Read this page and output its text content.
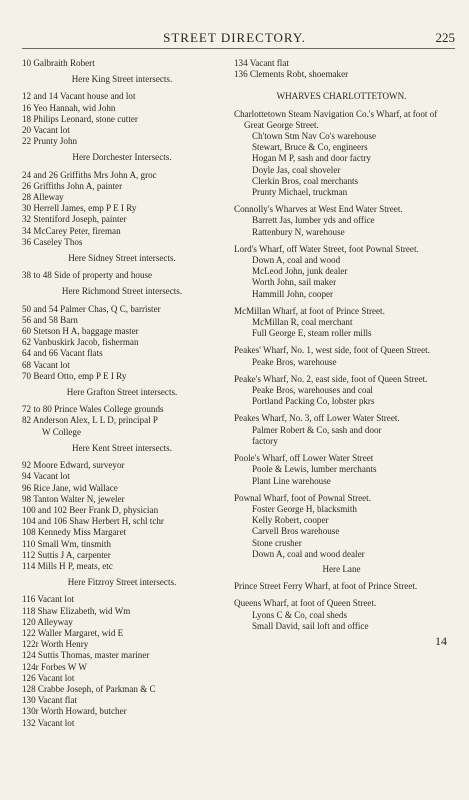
STREET DIRECTORY.	225
10 Galbraith Robert
Here King Street intersects.
12 and 14 Vacant house and lot
16 Yeo Hannah, wid John
18 Philips Leonard, stone cutter
20 Vacant lot
22 Prunty John
Here Dorchester Intersects.
24 and 26 Griffiths Mrs John A, groc
26 Griffiths John A, painter
28 Alleway
30 Herrell James, emp P E I Ry
32 Stentiford Joseph, painter
34 McCarey Peter, fireman
36 Caseley Thos
Here Sidney Street intersects.
38 to 48 Side of property and house
Here Richmond Street intersects.
50 and 54 Palmer Chas, Q C, barrister
56 and 58 Barn
60 Stetson H A, baggage master
62 Vanbuskirk Jacob, fisherman
64 and 66 Vacant flats
68 Vacant lot
70 Beard Otto, emp P E I Ry
Here Grafton Street intersects.
72 to 80 Prince Wales College grounds
82 Anderson Alex, L L D, principal P
W College
Here Kent Street intersects.
92 Moore Edward, surveyor
94 Vacant lot
96 Rice Jane, wid Wallace
98 Tanton Walter N, jeweler
100 and 102 Beer Frank D, physician
104 and 106 Shaw Herbert H, schl tchr
108 Kennedy Miss Margaret
110 Small Wm, tinsmith
112 Suttis J A, carpenter
114 Mills H P, meats, etc
Here Fitzroy Street intersects.
116 Vacant lot
118 Shaw Elizabeth, wid Wm
120 Alleyway
122 Waller Margaret, wid E
122r Worth Henry
124 Suttis Thomas, master mariner
124r Forbes W W
126 Vacant lot
128 Crabbe Joseph, of Parkman & C
130 Vacant flat
130r Worth Howard, butcher
132 Vacant lot
134 Vacant flat
136 Clements Robt, shoemaker
WHARVES CHARLOTTETOWN.
Charlottetown Steam Navigation Co.'s Wharf, at foot of Great George Street.
Ch'town Stm Nav Co's warehouse
Stewart, Bruce & Co, engineers
Hogan M P, sash and door factry
Doyle Jas, coal shoveler
Clerkin Bros, coal merchants
Prunty Michael, truckman
Connolly's Wharves at West End Water Street.
Barrett Jas, lumber yds and office
Rattenbury N, warehouse
Lord's Wharf, off Water Street, foot Pownal Street.
Down A, coal and wood
McLeod John, junk dealer
Worth John, sail maker
Hammill John, cooper
McMillan Wharf, at foot of Prince Street.
McMillan R, coal merchant
Full George E, steam roller mills
Peakes' Wharf, No. 1, west side, foot of Queen Street.
Peake Bros, warehouse
Peake's Wharf, No. 2, east side, foot of Queen Street.
Peake Bros, warehouses and coal
Portland Packing Co, lobster pkrs
Peakes Wharf, No. 3, off Lower Water Street.
Palmer Robert & Co, sash and door
factory
Poole's Wharf, off Lower Water Street
Poole & Lewis, lumber merchants
Plant Line warehouse
Pownal Wharf, foot of Pownal Street.
Foster George H, blacksmith
Kelly Robert, cooper
Carvell Bros warehouse
Stone crusher
Down A, coal and wood dealer
Here Lane
Prince Street Ferry Wharf, at foot of Prince Street.
Queens Wharf, at foot of Queen Street.
Lyons C & Co, coal sheds
Small David, sail loft and office
14
